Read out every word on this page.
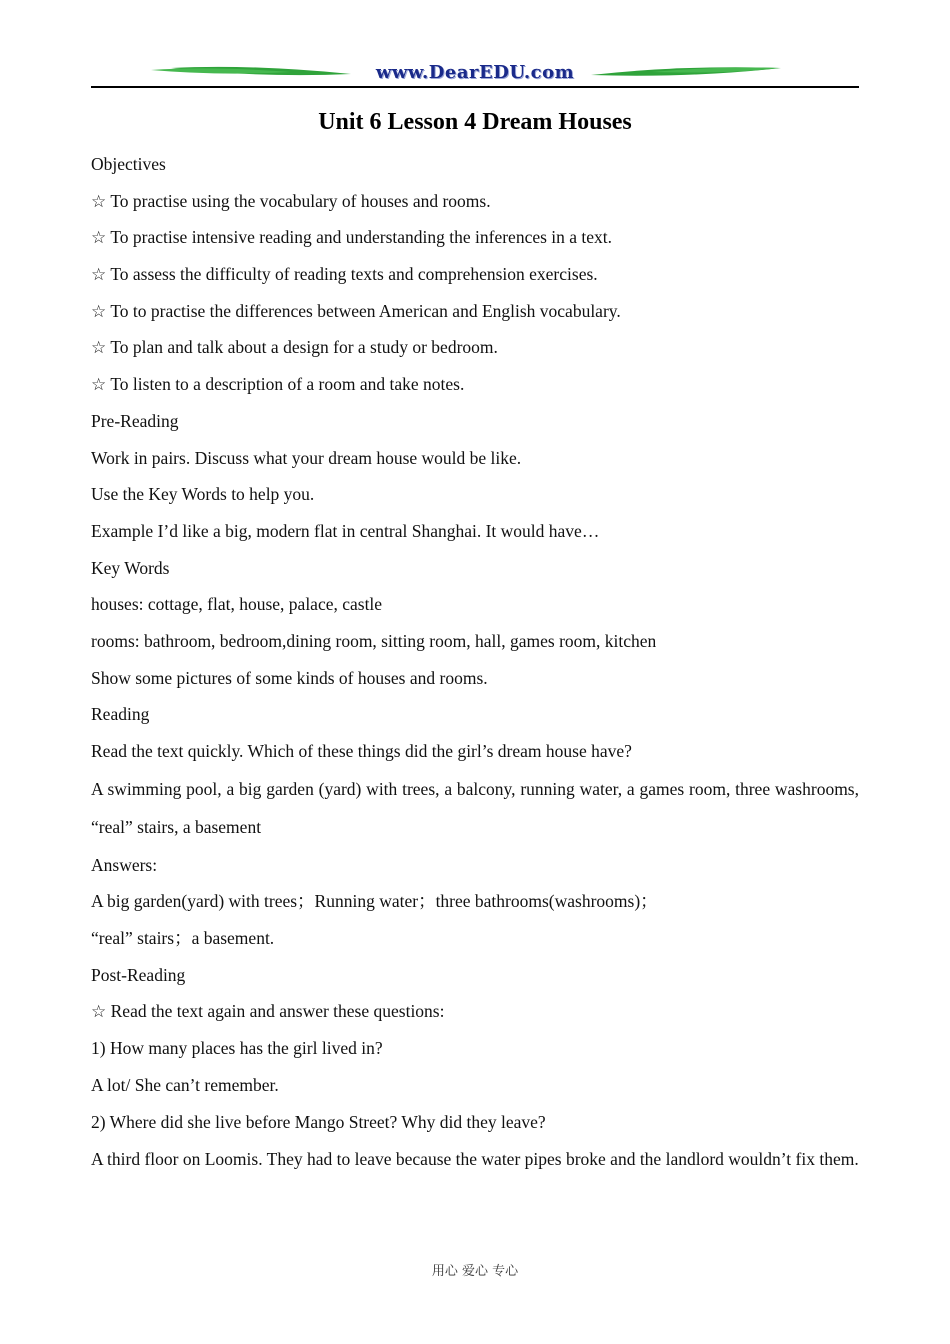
www.DearEDU.com
Unit 6 Lesson 4 Dream Houses
Objectives
☆ To practise using the vocabulary of houses and rooms.
☆ To practise intensive reading and understanding the inferences in a text.
☆ To assess the difficulty of reading texts and comprehension exercises.
☆ To to practise the differences between American and English vocabulary.
☆ To plan and talk about a design for a study or bedroom.
☆ To listen to a description of a room and take notes.
Pre-Reading
Work in pairs. Discuss what your dream house would be like.
Use the Key Words to help you.
Example I’d like a big, modern flat in central Shanghai. It would have…
Key Words
houses: cottage, flat, house, palace, castle
rooms: bathroom, bedroom,dining room, sitting room, hall, games room, kitchen
Show some pictures of some kinds of houses and rooms.
Reading
Read the text quickly. Which of these things did the girl’s dream house have?
A swimming pool, a big garden (yard) with trees, a balcony, running water, a games room, three washrooms, “real” stairs, a basement
Answers:
A big garden(yard) with trees；Running water；three bathrooms(washrooms)；
“real” stairs；a basement.
Post-Reading
☆ Read the text again and answer these questions:
1) How many places has the girl lived in?
A lot/ She can’t remember.
2) Where did she live before Mango Street? Why did they leave?
A third floor on Loomis. They had to leave because the water pipes broke and the landlord wouldn’t fix them.
用心 爱心 专心
